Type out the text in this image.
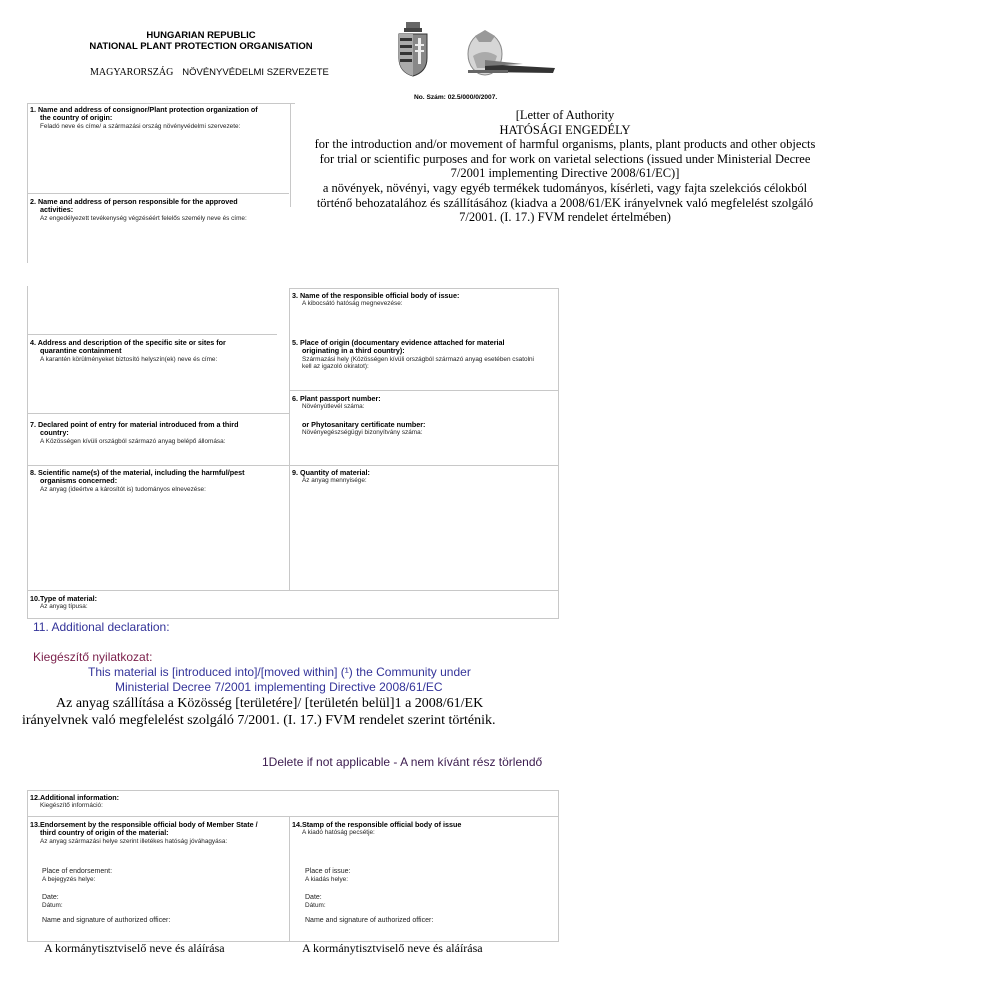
HUNGARIAN REPUBLIC
NATIONAL PLANT PROTECTION ORGANISATION
MAGYARORSZÁG NÖVÉNYVÉDELMI SZERVEZETE
No. Szám: 02.5/000/0/2007.
[Letter of Authority
HATÓSÁGI ENGEDÉLY
for the introduction and/or movement of harmful organisms, plants, plant products and other objects
for trial or scientific purposes and for work on varietal selections (issued under Ministerial Decree
7/2001 implementing Directive 2008/61/EC)]
a növények, növényi, vagy egyéb termékek tudományos, kísérleti, vagy fajta szelekciós célokból
történő behozatalához és szállításához (kiadva a 2008/61/EK irányelvnek való megfelelést szolgáló
7/2001. (I. 17.) FVM rendelet értelmében)
1. Name and address of consignor/Plant protection organization of
the country of origin:
Feladó neve és címe/ a származási ország növényvédelmi szervezete:
2. Name and address of person responsible for the approved
activities:
Az engedélyezett tevékenység végzéséért felelős személy neve és címe:
3. Name of the responsible official body of issue:
A kibocsátó hatóság megnevezése:
4. Address and description of the specific site or sites for
quarantine containment
A karantén körülményeket biztosító helyszín(ek) neve és címe:
5. Place of origin (documentary evidence attached for material
originating in a third country):
Származási hely (Közösségen kívüli országból származó anyag esetében csatolni
kell az igazoló okiratot):
6. Plant passport number:
Növényútlevél száma:
or Phytosanitary certificate number:
Növényegészségügyi bizonyítvány száma:
7. Declared point of entry for material introduced from a third
country:
A Közösségen kívüli országból származó anyag belépő állomása:
8. Scientific name(s) of the material, including the harmful/pest
organisms concerned:
Az anyag (ideértve a károsítót is) tudományos elnevezése:
9. Quantity of material:
Az anyag mennyisége:
10.Type of material:
Az anyag típusa:
11. Additional declaration:
Kiegészítő nyilatkozat:
This material is [introduced into]/[moved within] (¹) the Community under
Ministerial Decree 7/2001 implementing Directive 2008/61/EC
Az anyag szállítása a Közösség [területére]/ [területén belül]1 a 2008/61/EK
irányelvnek való megfelelést szolgáló 7/2001. (I. 17.) FVM rendelet szerint történik.
1Delete if not applicable - A nem kívánt rész törlendő
12.Additional information:
Kiegészítő információ:
13.Endorsement by the responsible official body of Member State /
third country of origin of the material:
Az anyag származási helye szerint illetékes hatóság jóváhagyása:
Place of endorsement:
A bejegyzés helye:
Date:
Dátum:
Name and signature of authorized officer:
14.Stamp of the responsible official body of issue
A kiadó hatóság pecsétje:
Place of issue:
A kiadás helye:
Date:
Dátum:
Name and signature of authorized officer:
A kormánytisztviselő neve és aláírása	A kormánytisztviselő neve és aláírása
